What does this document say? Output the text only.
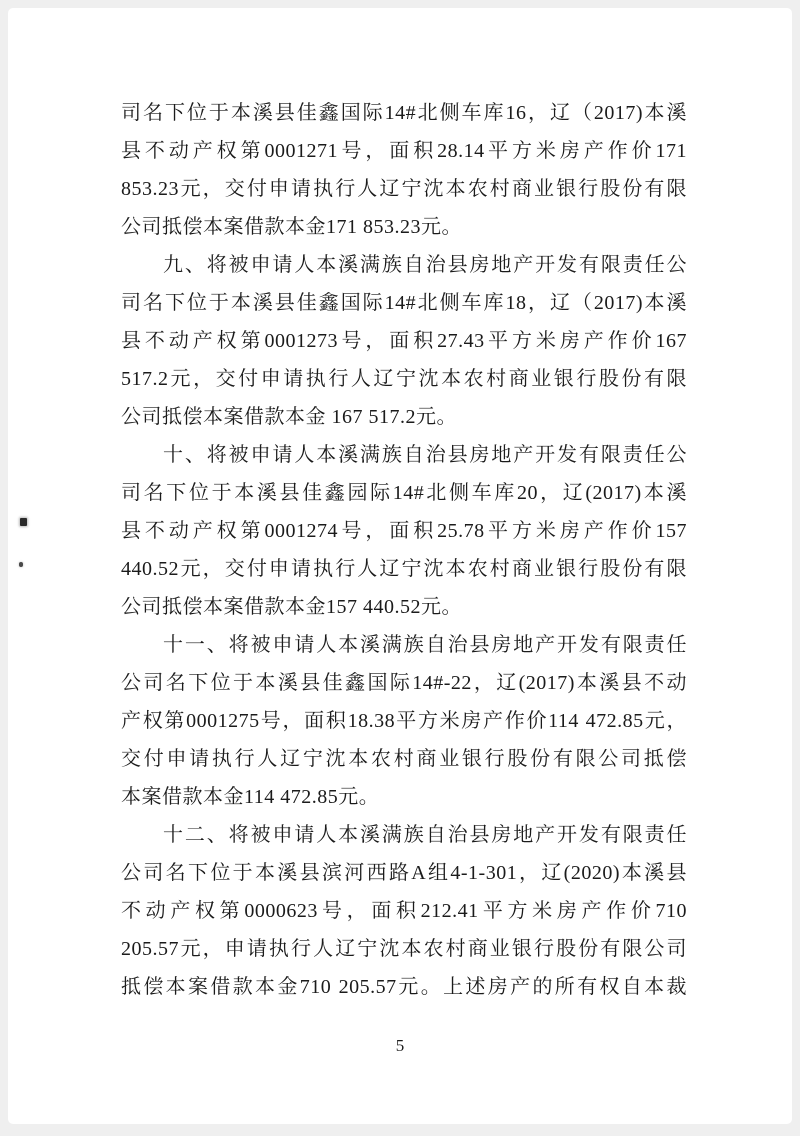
司名下位于本溪县佳鑫国际14#北侧车库16，辽（2017)本溪
县不动产权第0001271号，面积28.14平方米房产作价171
853.23元，交付申请执行人辽宁沈本农村商业银行股份有限
公司抵偿本案借款本金171 853.23元。
九、将被申请人本溪满族自治县房地产开发有限责任公
司名下位于本溪县佳鑫国际14#北侧车库18，辽（2017)本溪
县不动产权第0001273号，面积27.43平方米房产作价167
517.2元，交付申请执行人辽宁沈本农村商业银行股份有限
公司抵偿本案借款本金 167 517.2元。
十、将被申请人本溪满族自治县房地产开发有限责任公
司名下位于本溪县佳鑫园际14#北侧车库20，辽(2017)本溪
县不动产权第0001274号，面积25.78平方米房产作价157
440.52元，交付申请执行人辽宁沈本农村商业银行股份有限
公司抵偿本案借款本金157 440.52元。
十一、将被申请人本溪满族自治县房地产开发有限责任
公司名下位于本溪县佳鑫国际14#-22，辽(2017)本溪县不动
产权第0001275号，面积18.38平方米房产作价114 472.85元，
交付申请执行人辽宁沈本农村商业银行股份有限公司抵偿
本案借款本金114 472.85元。
十二、将被申请人本溪满族自治县房地产开发有限责任
公司名下位于本溪县滨河西路A组4-1-301，辽(2020)本溪县
不动产权第0000623号，面积212.41平方米房产作价710
205.57元，申请执行人辽宁沈本农村商业银行股份有限公司
抵偿本案借款本金710 205.57元。上述房产的所有权自本裁
5
